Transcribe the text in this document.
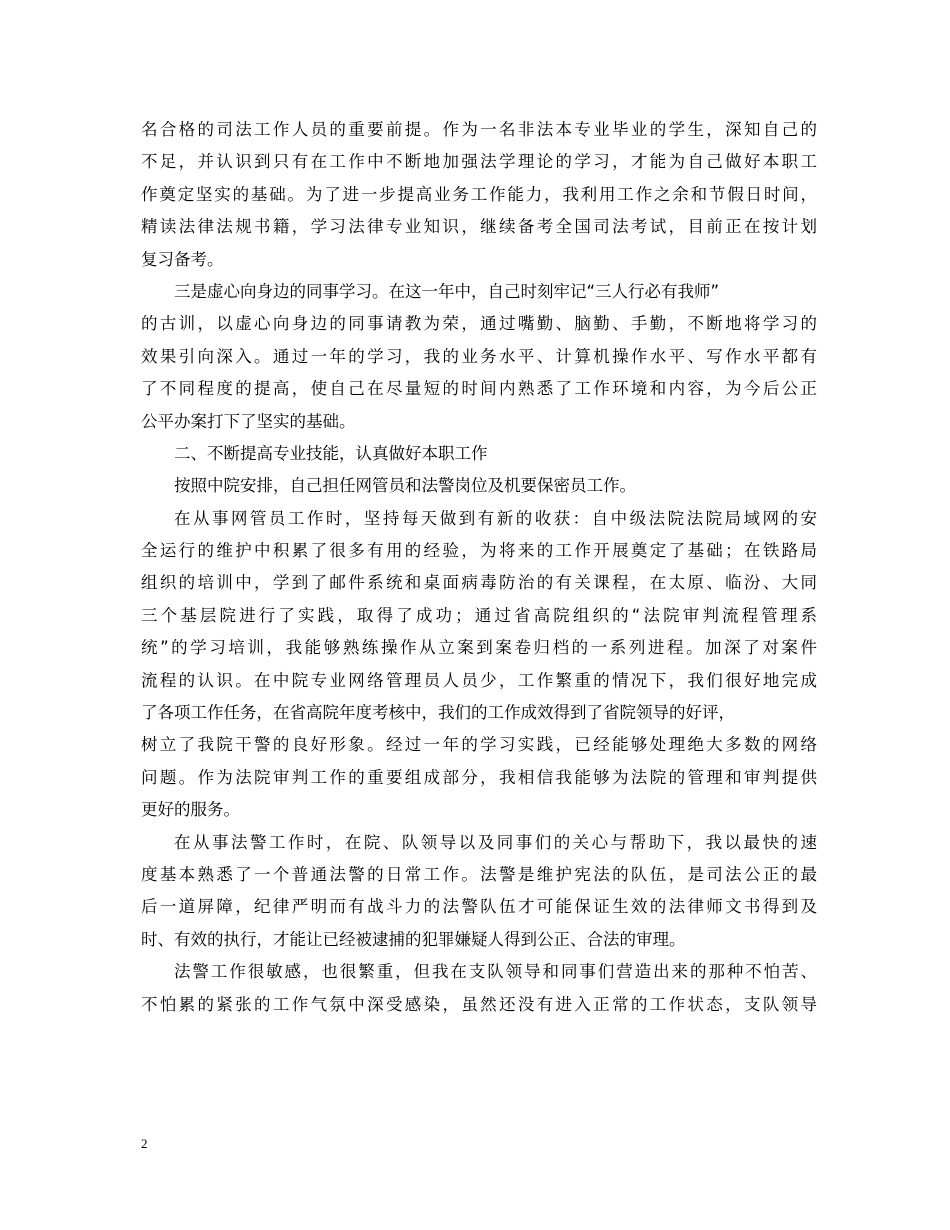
名合格的司法工作人员的重要前提。作为一名非法本专业毕业的学生，深知自己的
不足，并认识到只有在工作中不断地加强法学理论的学习，才能为自己做好本职工
作奠定坚实的基础。为了进一步提高业务工作能力，我利用工作之余和节假日时间，
精读法律法规书籍，学习法律专业知识，继续备考全国司法考试，目前正在按计划
复习备考。
三是虚心向身边的同事学习。在这一年中，自己时刻牢记“三人行必有我师”
的古训，以虚心向身边的同事请教为荣，通过嘴勤、脑勤、手勤，不断地将学习的
效果引向深入。通过一年的学习，我的业务水平、计算机操作水平、写作水平都有
了不同程度的提高，使自己在尽量短的时间内熟悉了工作环境和内容，为今后公正
公平办案打下了坚实的基础。
二、不断提高专业技能，认真做好本职工作
按照中院安排，自己担任网管员和法警岗位及机要保密员工作。
在从事网管员工作时，坚持每天做到有新的收获：自中级法院法院局域网的安
全运行的维护中积累了很多有用的经验，为将来的工作开展奠定了基础；在铁路局
组织的培训中，学到了邮件系统和桌面病毒防治的有关课程，在太原、临汾、大同
三个基层院进行了实践，取得了成功；通过省高院组织的“法院审判流程管理系
统”的学习培训，我能够熟练操作从立案到案卷归档的一系列进程。加深了对案件
流程的认识。在中院专业网络管理员人员少，工作繁重的情况下，我们很好地完成
了各项工作任务，在省高院年度考核中，我们的工作成效得到了省院领导的好评，
树立了我院干警的良好形象。经过一年的学习实践，已经能够处理绝大多数的网络
问题。作为法院审判工作的重要组成部分，我相信我能够为法院的管理和审判提供
更好的服务。
在从事法警工作时，在院、队领导以及同事们的关心与帮助下，我以最快的速
度基本熟悉了一个普通法警的日常工作。法警是维护宪法的队伍，是司法公正的最
后一道屏障，纪律严明而有战斗力的法警队伍才可能保证生效的法律师文书得到及
时、有效的执行，才能让已经被逮捕的犯罪嫌疑人得到公正、合法的审理。
法警工作很敏感，也很繁重，但我在支队领导和同事们营造出来的那种不怕苦、
不怕累的紧张的工作气氛中深受感染，虽然还没有进入正常的工作状态，支队领导
2
